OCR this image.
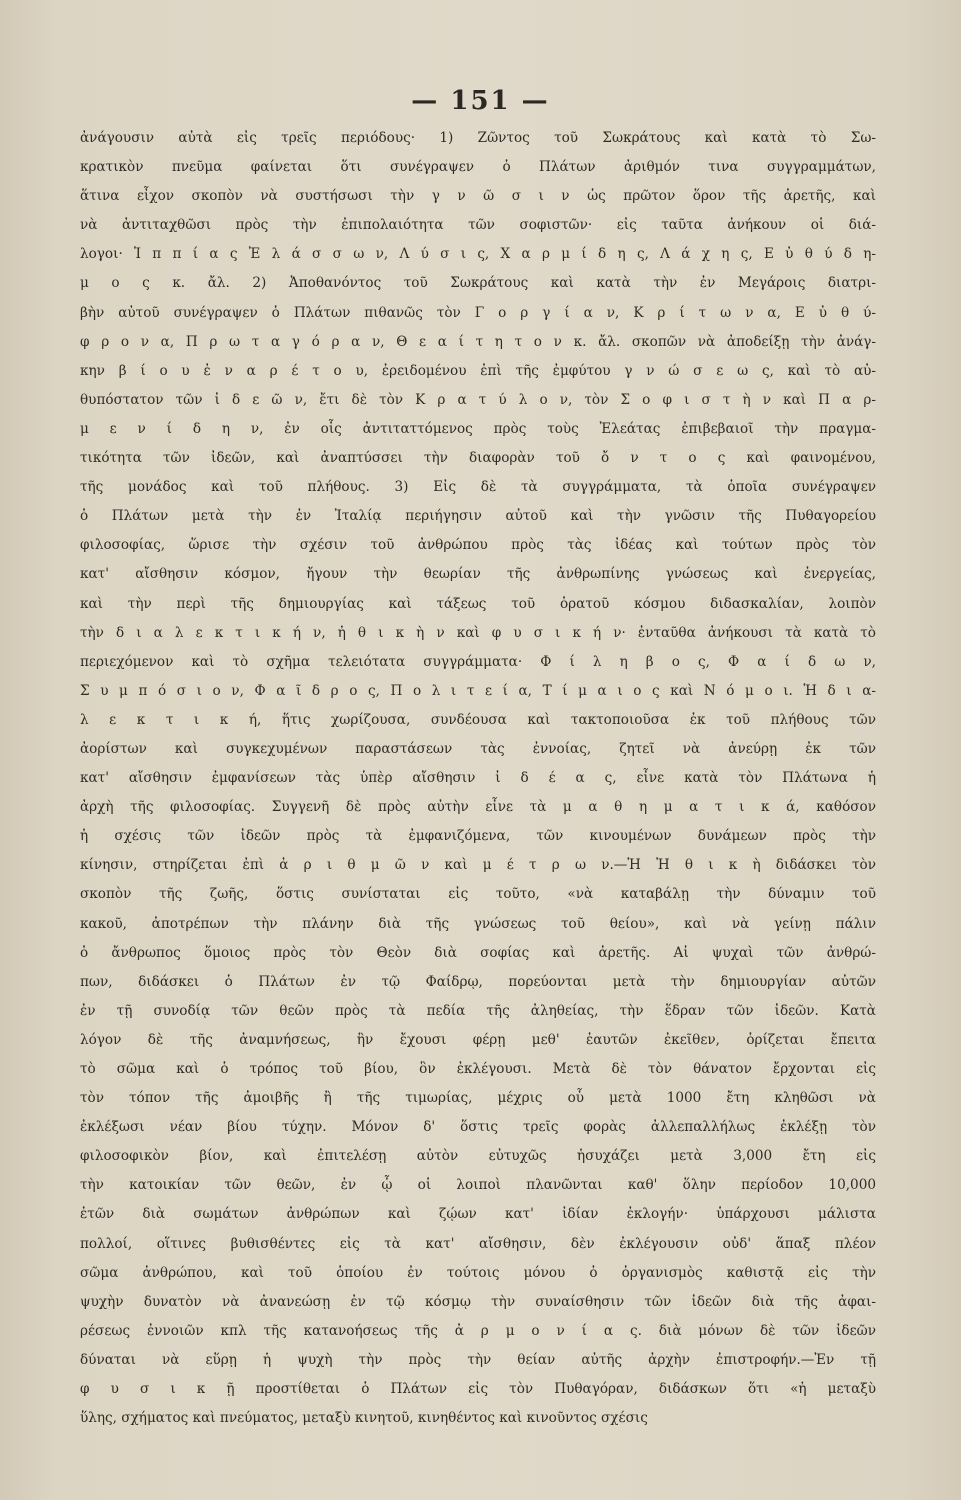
— 151 —
ἀνάγουσιν αὐτὰ εἰς τρεῖς περιόδους· 1) Ζῶντος τοῦ Σωκράτους καὶ κατὰ τὸ Σω-
κρατικὸν πνεῦμα φαίνεται ὅτι συνέγραψεν ὁ Πλάτων ἀριθμόν τινα συγγραμμάτων,
ἅτινα εἶχον σκοπὸν νὰ συστήσωσι τὴν γ ν ῶ σ ι ν ὡς πρῶτον ὅρον τῆς ἀρετῆς, καὶ
νὰ ἀντιταχθῶσι πρὸς τὴν ἐπιπολαιότητα τῶν σοφιστῶν· εἰς ταῦτα ἀνήκουν οἱ διά-
λογοι· Ἱ π π ί α ς Ἐ λ ά σ σ ω ν, Λ ύ σ ι ς, Χ α ρ μ ί δ η ς, Λ ά χ η ς, Ε ὐ θ ύ δ η-
μ ο ς κ. ἄλ. 2) Ἀποθανόντος τοῦ Σωκράτους καὶ κατὰ τὴν ἐν Μεγάροις διατρι-
βὴν αὐτοῦ συνέγραψεν ὁ Πλάτων πιθανῶς τὸν Γ ο ρ γ ί α ν, Κ ρ ί τ ω ν α, Ε ὐ θ ύ-
φ ρ ο ν α, Π ρ ω τ α γ ό ρ α ν, Θ ε α ί τ η τ ο ν κ. ἄλ. σκοπῶν νὰ ἀποδείξῃ τὴν ἀνάγ-
κην β ί ο υ ἐ ν α ρ έ τ ο υ, ἐρειδομένου ἐπὶ τῆς ἐμφύτου γ ν ώ σ ε ω ς, καὶ τὸ αὐ-
θυπόστατον τῶν ἰ δ ε ῶ ν, ἔτι δὲ τὸν Κ ρ α τ ύ λ ο ν, τὸν Σ ο φ ι σ τ ὴ ν καὶ Π α ρ-
μ ε ν ί δ η ν, ἐν οἷς ἀντιταττόμενος πρὸς τοὺς Ἐλεάτας ἐπιβεβαιοῖ τὴν πραγμα-
τικότητα τῶν ἰδεῶν, καὶ ἀναπτύσσει τὴν διαφορὰν τοῦ ὄ ν τ ο ς καὶ φαινομένου,
τῆς μονάδος καὶ τοῦ πλήθους. 3) Εἰς δὲ τὰ συγγράμματα, τὰ ὁποῖα συνέγραψεν
ὁ Πλάτων μετὰ τὴν ἐν Ἰταλίᾳ περιήγησιν αὐτοῦ καὶ τὴν γνῶσιν τῆς Πυθαγορείου
φιλοσοφίας, ὥρισε τὴν σχέσιν τοῦ ἀνθρώπου πρὸς τὰς ἰδέας καὶ τούτων πρὸς τὸν
κατ' αἴσθησιν κόσμον, ἤγουν τὴν θεωρίαν τῆς ἀνθρωπίνης γνώσεως καὶ ἐνεργείας,
καὶ τὴν περὶ τῆς δημιουργίας καὶ τάξεως τοῦ ὁρατοῦ κόσμου διδασκαλίαν, λοιπὸν
τὴν δ ι α λ ε κ τ ι κ ή ν, ἠ θ ι κ ὴ ν καὶ φ υ σ ι κ ή ν· ἐνταῦθα ἀνήκουσι τὰ κατὰ τὸ
περιεχόμενον καὶ τὸ σχῆμα τελειότατα συγγράμματα· Φ ί λ η β ο ς, Φ α ί δ ω ν,
Σ υ μ π ό σ ι ο ν, Φ α ῖ δ ρ ο ς, Π ο λ ι τ ε ί α, Τ ί μ α ι ο ς καὶ Ν ό μ ο ι. Ἡ δ ι α-
λ ε κ τ ι κ ή, ἥτις χωρίζουσα, συνδέουσα καὶ τακτοποιοῦσα ἐκ τοῦ πλήθους τῶν
ἀορίστων καὶ συγκεχυμένων παραστάσεων τὰς ἐννοίας, ζητεῖ νὰ ἀνεύρῃ ἐκ τῶν
κατ' αἴσθησιν ἐμφανίσεων τὰς ὑπὲρ αἴσθησιν ἰ δ έ α ς, εἶνε κατὰ τὸν Πλάτωνα ἡ
ἀρχὴ τῆς φιλοσοφίας. Συγγενῆ δὲ πρὸς αὐτὴν εἶνε τὰ μ α θ η μ α τ ι κ ά, καθόσον
ἡ σχέσις τῶν ἰδεῶν πρὸς τὰ ἐμφανιζόμενα, τῶν κινουμένων δυνάμεων πρὸς τὴν
κίνησιν, στηρίζεται ἐπὶ ἀ ρ ι θ μ ῶ ν καὶ μ έ τ ρ ω ν.—Ἡ Ἠ θ ι κ ὴ διδάσκει τὸν
σκοπὸν τῆς ζωῆς, ὅστις συνίσταται εἰς τοῦτο, «νὰ καταβάλῃ τὴν δύναμιν τοῦ
κακοῦ, ἀποτρέπων τὴν πλάνην διὰ τῆς γνώσεως τοῦ θείου», καὶ νὰ γείνῃ πάλιν
ὁ ἄνθρωπος ὅμοιος πρὸς τὸν Θεὸν διὰ σοφίας καὶ ἀρετῆς. Αἱ ψυχαὶ τῶν ἀνθρώ-
πων, διδάσκει ὁ Πλάτων ἐν τῷ Φαίδρῳ, πορεύονται μετὰ τὴν δημιουργίαν αὐτῶν
ἐν τῇ συνοδίᾳ τῶν θεῶν πρὸς τὰ πεδία τῆς ἀληθείας, τὴν ἕδραν τῶν ἰδεῶν. Κατὰ
λόγον δὲ τῆς ἀναμνήσεως, ἣν ἔχουσι φέρῃ μεθ' ἑαυτῶν ἐκεῖθεν, ὁρίζεται ἔπειτα
τὸ σῶμα καὶ ὁ τρόπος τοῦ βίου, ὃν ἐκλέγουσι. Μετὰ δὲ τὸν θάνατον ἔρχονται εἰς
τὸν τόπον τῆς ἀμοιβῆς ἢ τῆς τιμωρίας, μέχρις οὗ μετὰ 1000 ἔτη κληθῶσι νὰ
ἐκλέξωσι νέαν βίου τύχην. Μόνον δ' ὅστις τρεῖς φορὰς ἀλλεπαλλήλως ἐκλέξῃ τὸν
φιλοσοφικὸν βίον, καὶ ἐπιτελέσῃ αὐτὸν εὐτυχῶς ἡσυχάζει μετὰ 3,000 ἔτη εἰς
τὴν κατοικίαν τῶν θεῶν, ἐν ᾧ οἱ λοιποὶ πλανῶνται καθ' ὅλην περίοδον 10,000
ἐτῶν διὰ σωμάτων ἀνθρώπων καὶ ζῴων κατ' ἰδίαν ἐκλογήν· ὑπάρχουσι μάλιστα
πολλοί, οἵτινες βυθισθέντες εἰς τὰ κατ' αἴσθησιν, δὲν ἐκλέγουσιν οὐδ' ἅπαξ πλέον
σῶμα ἀνθρώπου, καὶ τοῦ ὁποίου ἐν τούτοις μόνου ὁ ὀργανισμὸς καθιστᾷ εἰς τὴν
ψυχὴν δυνατὸν νὰ ἀνανεώσῃ ἐν τῷ κόσμῳ τὴν συναίσθησιν τῶν ἰδεῶν διὰ τῆς ἀφαι-
ρέσεως ἐννοιῶν κπλ τῆς κατανοήσεως τῆς ἀ ρ μ ο ν ί α ς. διὰ μόνων δὲ τῶν ἰδεῶν
δύναται νὰ εὕρῃ ἡ ψυχὴ τὴν πρὸς τὴν θείαν αὐτῆς ἀρχὴν ἐπιστροφήν.—Ἐν τῇ
φ υ σ ι κ ῇ προστίθεται ὁ Πλάτων εἰς τὸν Πυθαγόραν, διδάσκων ὅτι «ἡ μεταξὺ
ὕλης, σχήματος καὶ πνεύματος, μεταξὺ κινητοῦ, κινηθέντος καὶ κινοῦντος σχέσις
